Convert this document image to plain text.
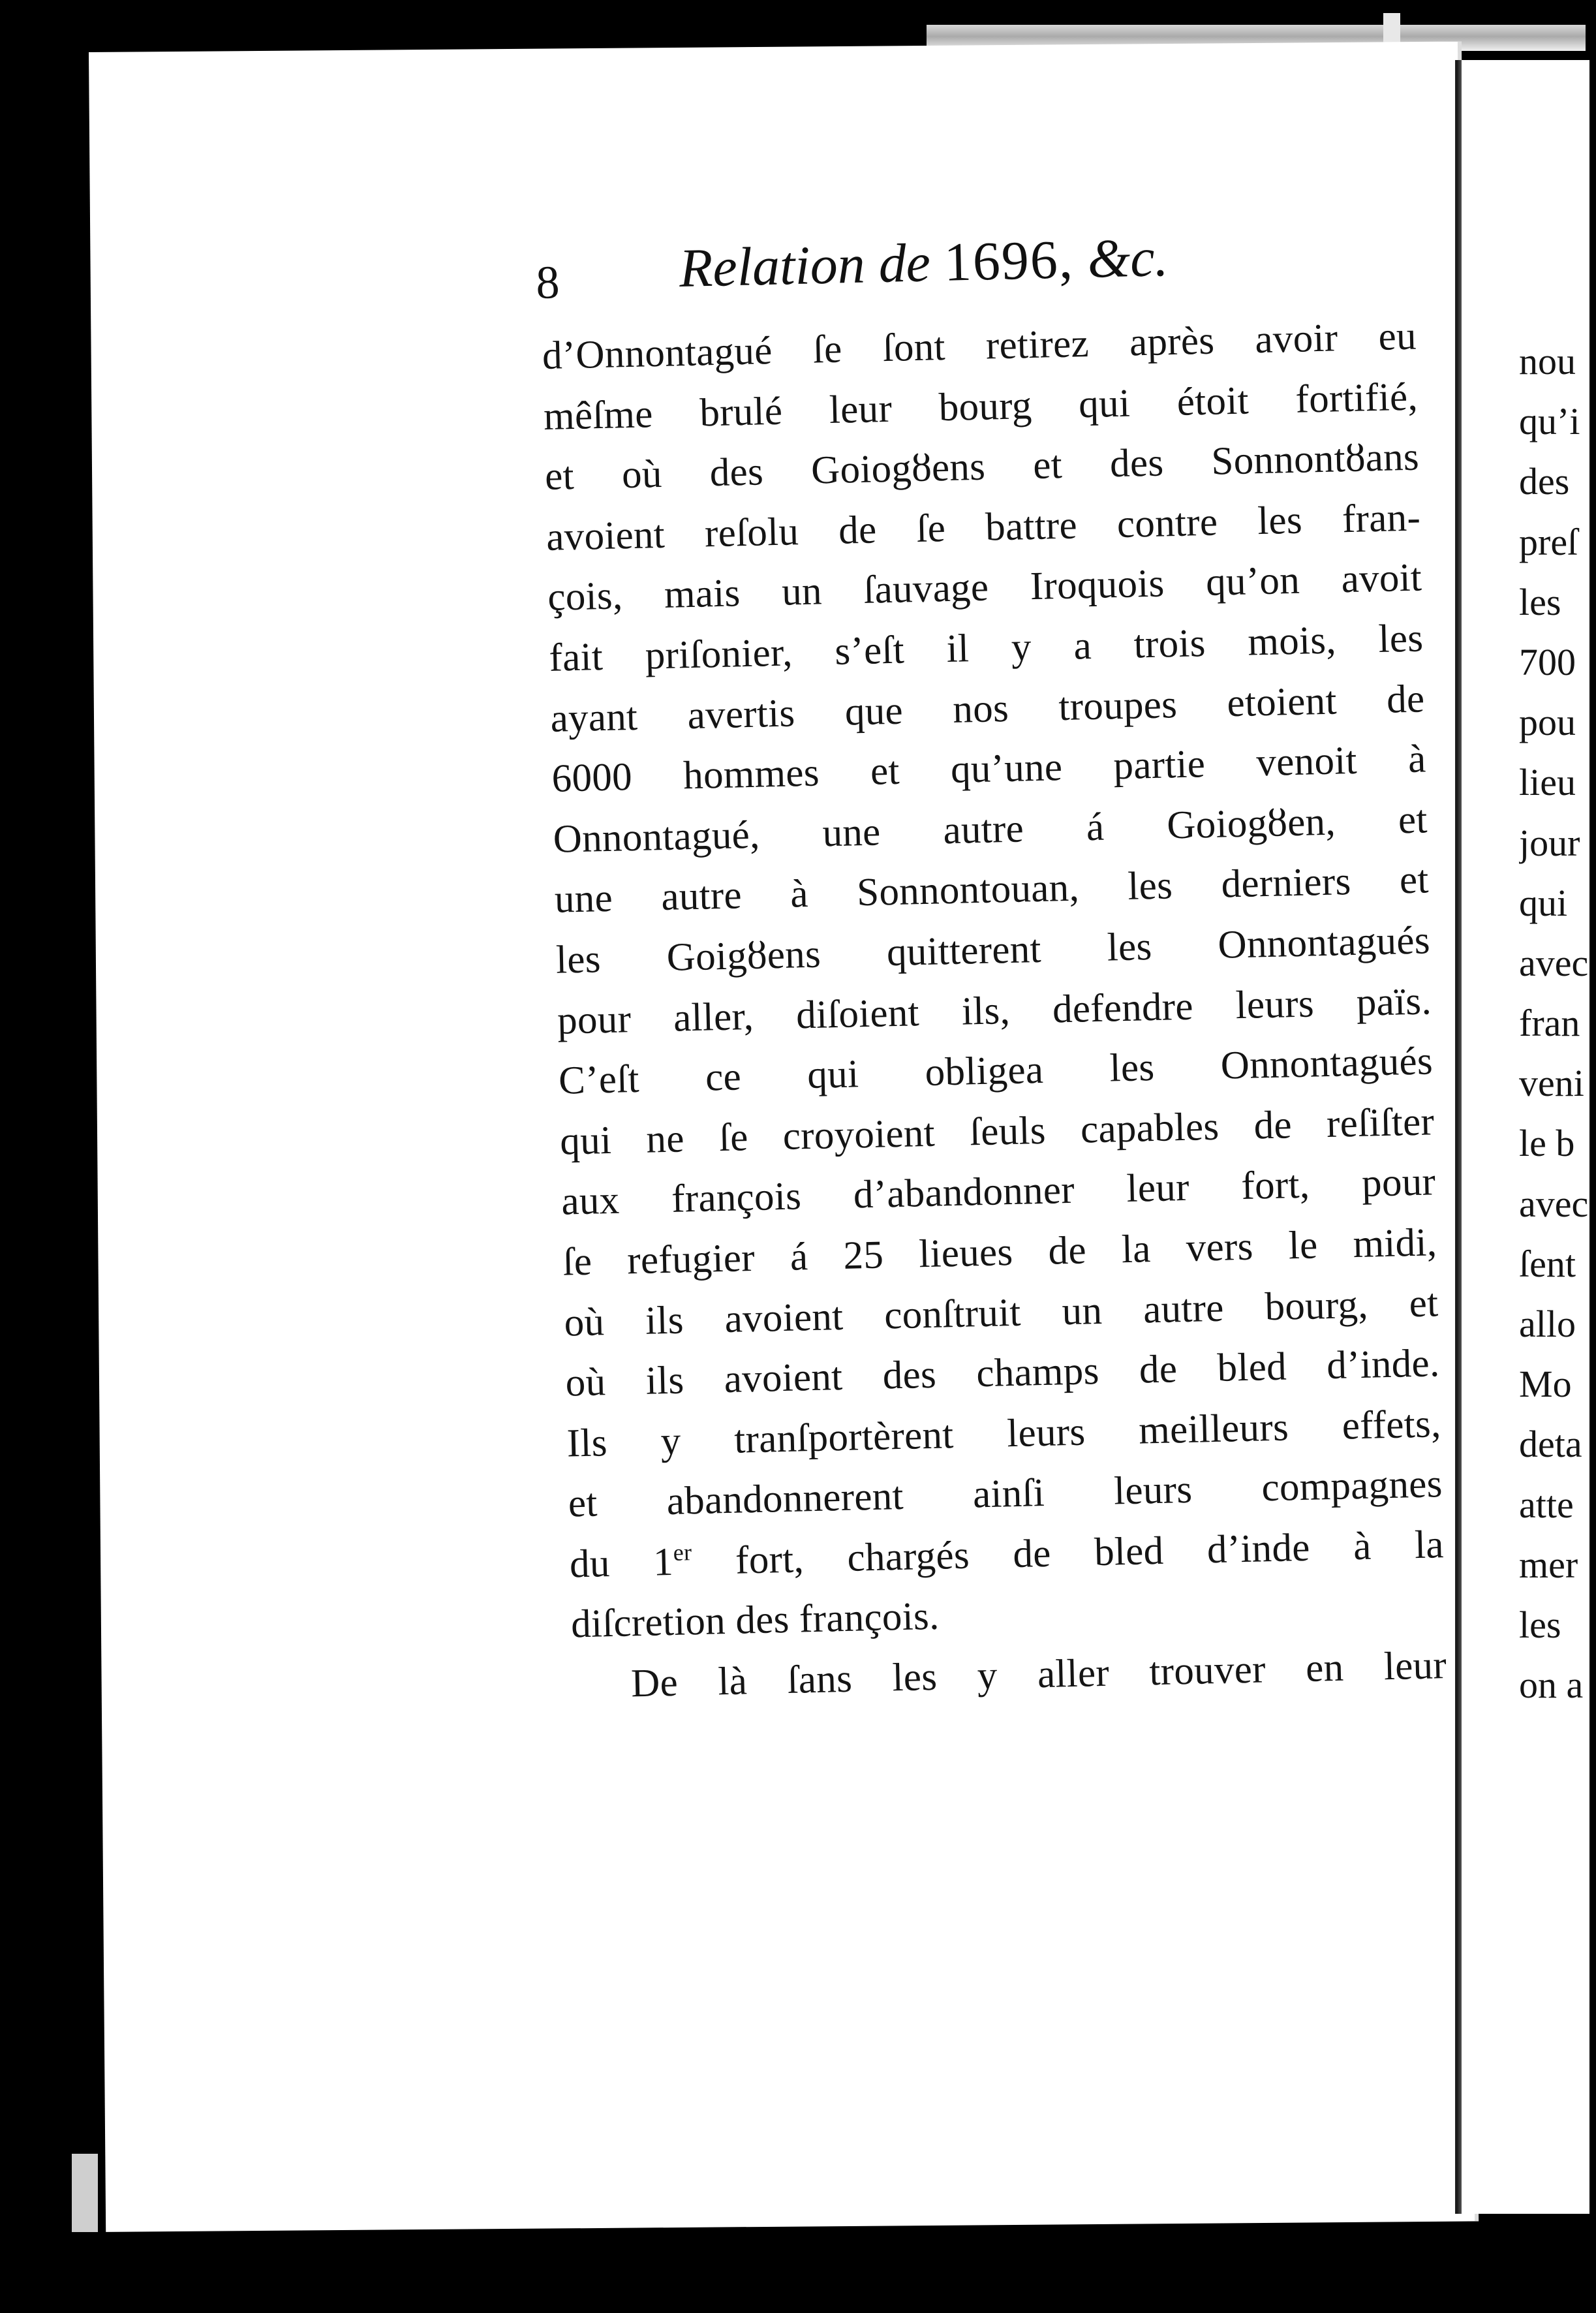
8 Relation de 1696, &c.
d’Onnontagué ſe ſont retirez après avoir eu
mêſme brulé leur bourg qui étoit fortifié,
et où des Goiogȣens et des Sonnontȣans
avoient reſolu de ſe battre contre les fran-
çois, mais un ſauvage Iroquois qu’on avoit
fait priſonier, s’eſt il y a trois mois, les
ayant avertis que nos troupes etoient de
6000 hommes et qu’une partie venoit à
Onnontagué, une autre á Goiogȣen, et
une autre à Sonnontouan, les derniers et
les Goigȣens quitterent les Onnontagués
pour aller, diſoient ils, defendre leurs païs.
C’eſt ce qui obligea les Onnontagués
qui ne ſe croyoient ſeuls capables de reſiſter
aux françois d’abandonner leur fort, pour
ſe refugier á 25 lieues de la vers le midi,
où ils avoient conſtruit un autre bourg, et
où ils avoient des champs de bled d’inde.
Ils y tranſportèrent leurs meilleurs effets,
et abandonnerent ainſi leurs compagnes
du 1er fort, chargés de bled d’inde à la
diſcretion des françois.
De là ſans les y aller trouver en leur
nou
qu’i
des
preſ
les
700
pou
lieu
jour
qui
avec
fran
veni
le b
avec
ſent
allo
Mo
deta
atte
mer
les
on a
